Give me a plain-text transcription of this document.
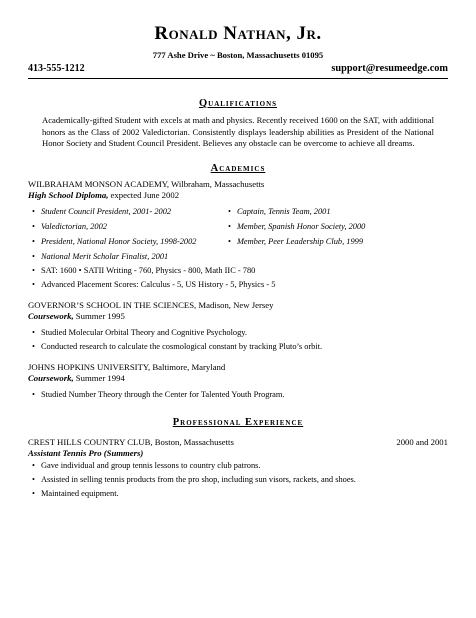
Ronald Nathan, Jr.
777 Ashe Drive ~ Boston, Massachusetts 01095
413-555-1212	support@resumeedge.com
Qualifications
Academically-gifted Student with excels at math and physics. Recently received 1600 on the SAT, with additional honors as the Class of 2002 Valedictorian. Consistently displays leadership abilities as President of the National Honor Society and Student Council President. Believes any obstacle can be overcome to achieve all dreams.
Academics
WILBRAHAM MONSON ACADEMY, Wilbraham, Massachusetts
High School Diploma, expected June 2002
• Student Council President, 2001- 2002	• Captain, Tennis Team, 2001
• Valedictorian, 2002	• Member, Spanish Honor Society, 2000
• President, National Honor Society, 1998-2002	• Member, Peer Leadership Club, 1999
• National Merit Scholar Finalist, 2001
• SAT: 1600 • SATII Writing - 760, Physics - 800, Math IIC - 780
• Advanced Placement Scores: Calculus - 5, US History - 5, Physics - 5
GOVERNOR’S SCHOOL IN THE SCIENCES, Madison, New Jersey
Coursework, Summer 1995
• Studied Molecular Orbital Theory and Cognitive Psychology.
• Conducted research to calculate the cosmological constant by tracking Pluto’s orbit.
JOHNS HOPKINS UNIVERSITY, Baltimore, Maryland
Coursework, Summer 1994
• Studied Number Theory through the Center for Talented Youth Program.
Professional Experience
CREST HILLS COUNTRY CLUB, Boston, Massachusetts	2000 and 2001
Assistant Tennis Pro (Summers)
• Gave individual and group tennis lessons to country club patrons.
• Assisted in selling tennis products from the pro shop, including sun visors, rackets, and shoes.
• Maintained equipment.
